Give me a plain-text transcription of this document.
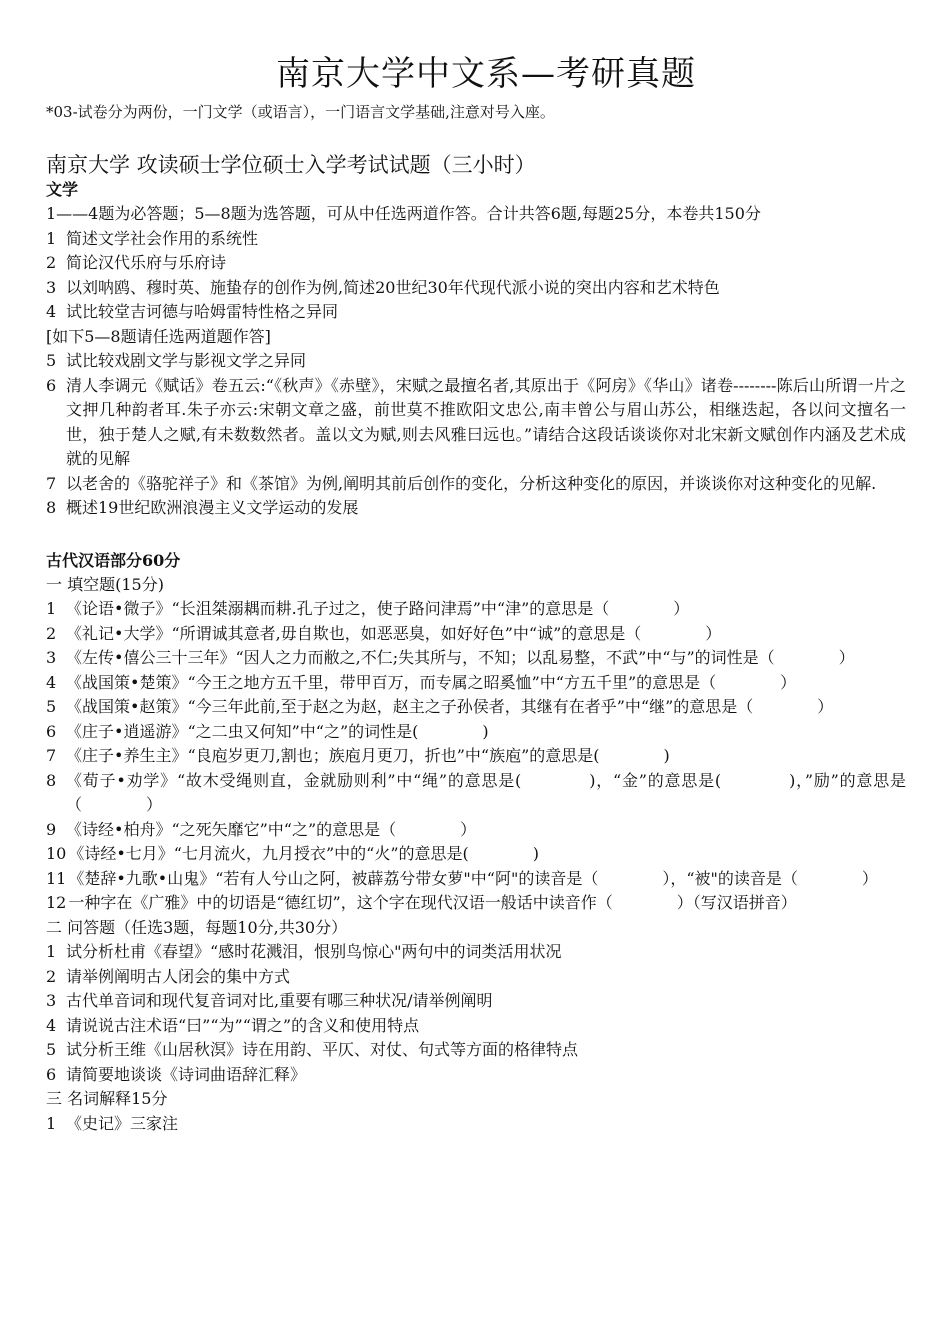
南京大学中文系—考研真题

*03-试卷分为两份，一门文学（或语言），一门语言文学基础,注意对号入座。

南京大学 攻读硕士学位硕士入学考试试题（三小时）

文学

1——4题为必答题；5—8题为选答题，可从中任选两道作答。合计共答6题,每题25分，本卷共150分

1 简述文学社会作用的系统性
2 简论汉代乐府与乐府诗
3 以刘呐鸥、穆时英、施蛰存的创作为例,简述20世纪30年代现代派小说的突出内容和艺术特色
4 试比较堂吉诃德与哈姆雷特性格之异同

[如下5—8题请任选两道题作答]

5 试比较戏剧文学与影视文学之异同
6 清人李调元《赋话》卷五云:“《秋声》《赤壁》，宋赋之最擅名者,其原出于《阿房》《华山》诸卷--------陈后山所谓一片之文押几种韵者耳.朱子亦云:宋朝文章之盛，前世莫不推欧阳文忠公,南丰曾公与眉山苏公，相继迭起，各以问文擅名一世，独于楚人之赋,有未数数然者。盖以文为赋,则去风雅曰远也。”请结合这段话谈谈你对北宋新文赋创作内涵及艺术成就的见解
7 以老舍的《骆驼祥子》和《茶馆》为例,阐明其前后创作的变化，分析这种变化的原因，并谈谈你对这种变化的见解.
8 概述19世纪欧洲浪漫主义文学运动的发展

古代汉语部分60分

一 填空题(15分)

1 《论语•微子》“长沮桀溺耦而耕.孔子过之，使子路问津焉”中“津”的意思是（　　　　）
2 《礼记•大学》“所谓诚其意者,毋自欺也，如恶恶臭，如好好色”中“诚”的意思是（　　　　）
3 《左传•僖公三十三年》“因人之力而敝之,不仁;失其所与，不知；以乱易整，不武”中“与”的词性是（　　　　）
4 《战国策•楚策》“今王之地方五千里，带甲百万，而专属之昭奚恤”中“方五千里”的意思是（　　　　）
5 《战国策•赵策》“今三年此前,至于赵之为赵，赵主之子孙侯者，其继有在者乎”中“继”的意思是（　　　　）
6 《庄子•逍遥游》“之二虫又何知”中“之”的词性是(　　　　)
7 《庄子•养生主》“良庖岁更刀,割也；族庖月更刀，折也”中“族庖”的意思是(　　　　)
8 《荀子•劝学》“故木受绳则直，金就励则利”中“绳”的意思是(　　　　)，“金”的意思是(　　　　)，”励”的意思是（　　　　）
9 《诗经•柏舟》“之死矢靡它”中“之”的意思是（　　　　）
10 《诗经•七月》“七月流火，九月授衣”中的“火”的意思是(　　　　)
11 《楚辞•九歌•山鬼》“若有人兮山之阿，被薜荔兮带女萝"中“阿"的读音是（　　　　），“被"的读音是（　　　　）
12 一种字在《广雅》中的切语是“德红切”，这个字在现代汉语一般话中读音作（　　　　）（写汉语拼音）

二 问答题（任选3题，每题10分,共30分）

1 试分析杜甫《春望》“感时花溅泪，恨别鸟惊心"两句中的词类活用状况
2 请举例阐明古人闭会的集中方式
3 古代单音词和现代复音词对比,重要有哪三种状况/请举例阐明
4 请说说古注术语“曰”“为”“谓之”的含义和使用特点
5 试分析王维《山居秋溟》诗在用韵、平仄、对仗、句式等方面的格律特点
6 请简要地谈谈《诗词曲语辞汇释》

三 名词解释15分

1 《史记》三家注
